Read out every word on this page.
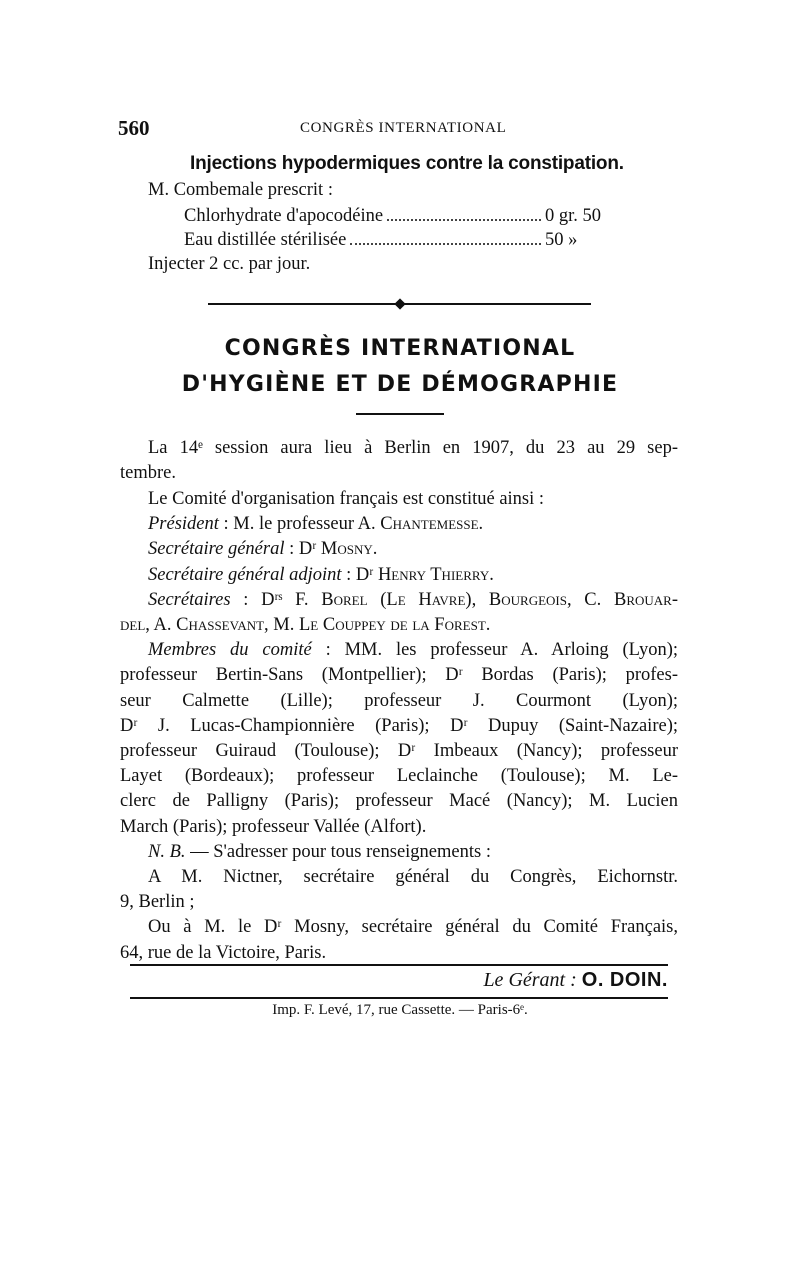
560	CONGRÈS INTERNATIONAL
Injections hypodermiques contre la constipation.
M. Combemale prescrit :
Chlorhydrate d'apocodéine	0 gr. 50
Eau distillée stérilisée	50 »
Injecter 2 cc. par jour.
CONGRÈS INTERNATIONAL
D'HYGIÈNE ET DE DÉMOGRAPHIE
La 14ᵉ session aura lieu à Berlin en 1907, du 23 au 29 sep-
tembre.
Le Comité d'organisation français est constitué ainsi :
Président : M. le professeur A. Chantemesse.
Secrétaire général : Dʳ Mosny.
Secrétaire général adjoint : Dʳ Henry Thierry.
Secrétaires : Dʳˢ F. Borel (Le Havre), Bourgeois, C. Brouar-
del, A. Chassevant, M. Le Couppey de la Forest.
Membres du comité : MM. les professeur A. Arloing (Lyon);
professeur Bertin-Sans (Montpellier); Dʳ Bordas (Paris); profes-
seur Calmette (Lille); professeur J. Courmont (Lyon);
Dʳ J. Lucas-Championnière (Paris); Dʳ Dupuy (Saint-Nazaire);
professeur Guiraud (Toulouse); Dʳ Imbeaux (Nancy); professeur
Layet (Bordeaux); professeur Leclainche (Toulouse); M. Le-
clerc de Palligny (Paris); professeur Macé (Nancy); M. Lucien
March (Paris); professeur Vallée (Alfort).
N. B. — S'adresser pour tous renseignements :
A M. Nictner, secrétaire général du Congrès, Eichornstr.
9, Berlin ;
Ou à M. le Dʳ Mosny, secrétaire général du Comité Français,
64, rue de la Victoire, Paris.
Le Gérant : O. DOIN.
Imp. F. Levé, 17, rue Cassette. — Paris-6ᵉ.
